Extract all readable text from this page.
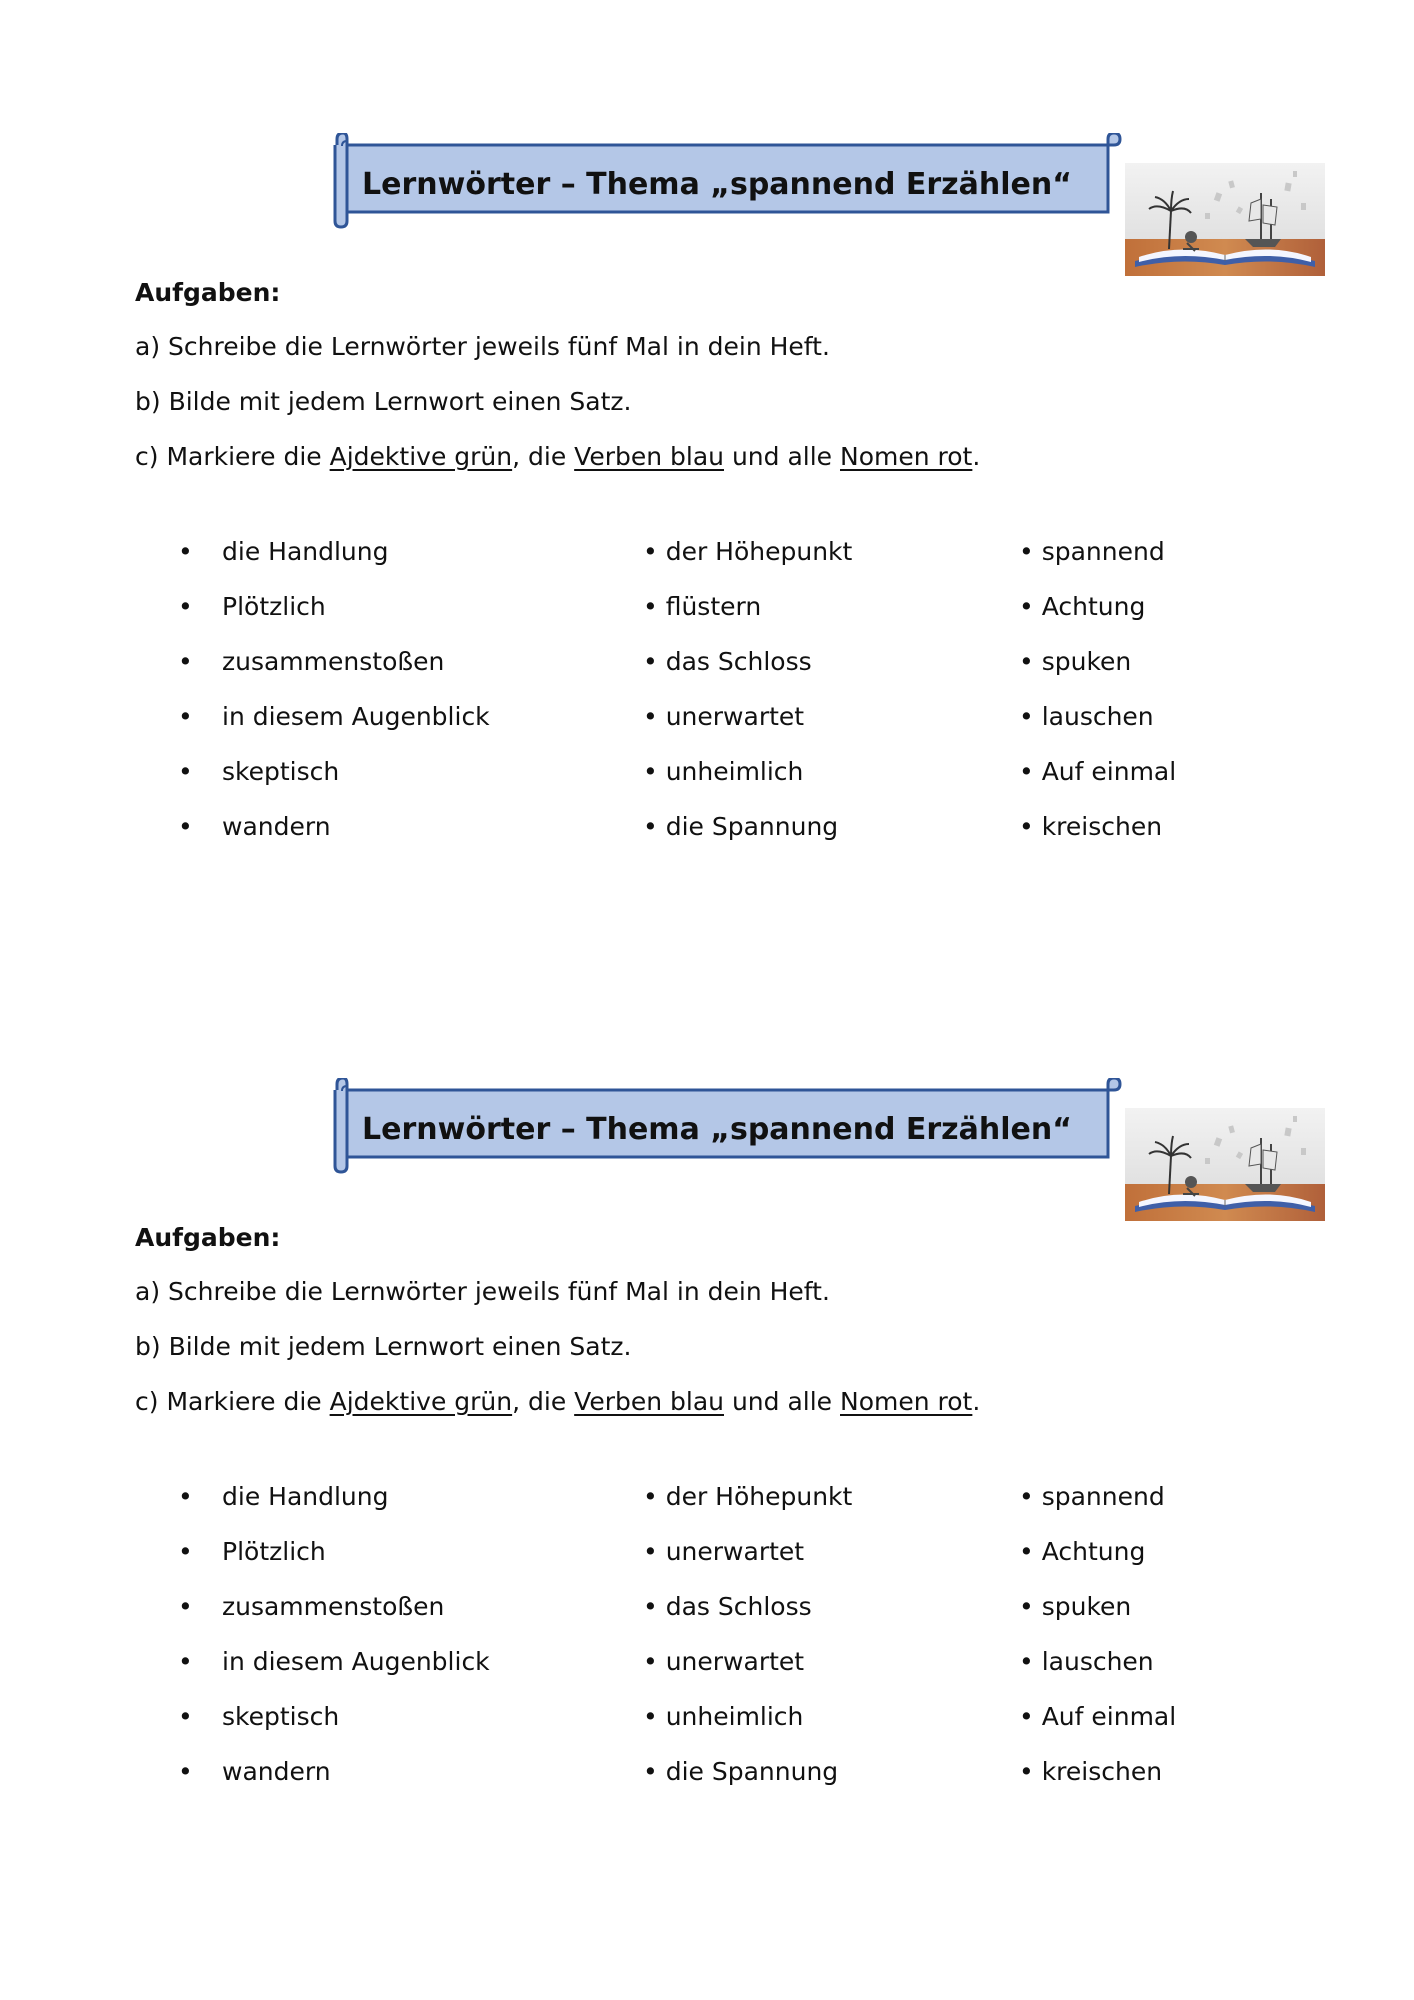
Lernwörter – Thema „spannend Erzählen“
Aufgaben:
a) Schreibe die Lernwörter jeweils fünf Mal in dein Heft.
b) Bilde mit jedem Lernwort einen Satz.
c) Markiere die Ajdektive grün, die Verben blau und alle Nomen rot.
• die Handlung
• Plötzlich
• zusammenstoßen
• in diesem Augenblick
• skeptisch
• wandern
• der Höhepunkt
• flüstern
• das Schloss
• unerwartet
• unheimlich
• die Spannung
• spannend
• Achtung
• spuken
• lauschen
• Auf einmal
• kreischen
Lernwörter – Thema „spannend Erzählen“
Aufgaben:
a) Schreibe die Lernwörter jeweils fünf Mal in dein Heft.
b) Bilde mit jedem Lernwort einen Satz.
c) Markiere die Ajdektive grün, die Verben blau und alle Nomen rot.
• die Handlung
• Plötzlich
• zusammenstoßen
• in diesem Augenblick
• skeptisch
• wandern
• der Höhepunkt
• unerwartet
• das Schloss
• unerwartet
• unheimlich
• die Spannung
• spannend
• Achtung
• spuken
• lauschen
• Auf einmal
• kreischen
